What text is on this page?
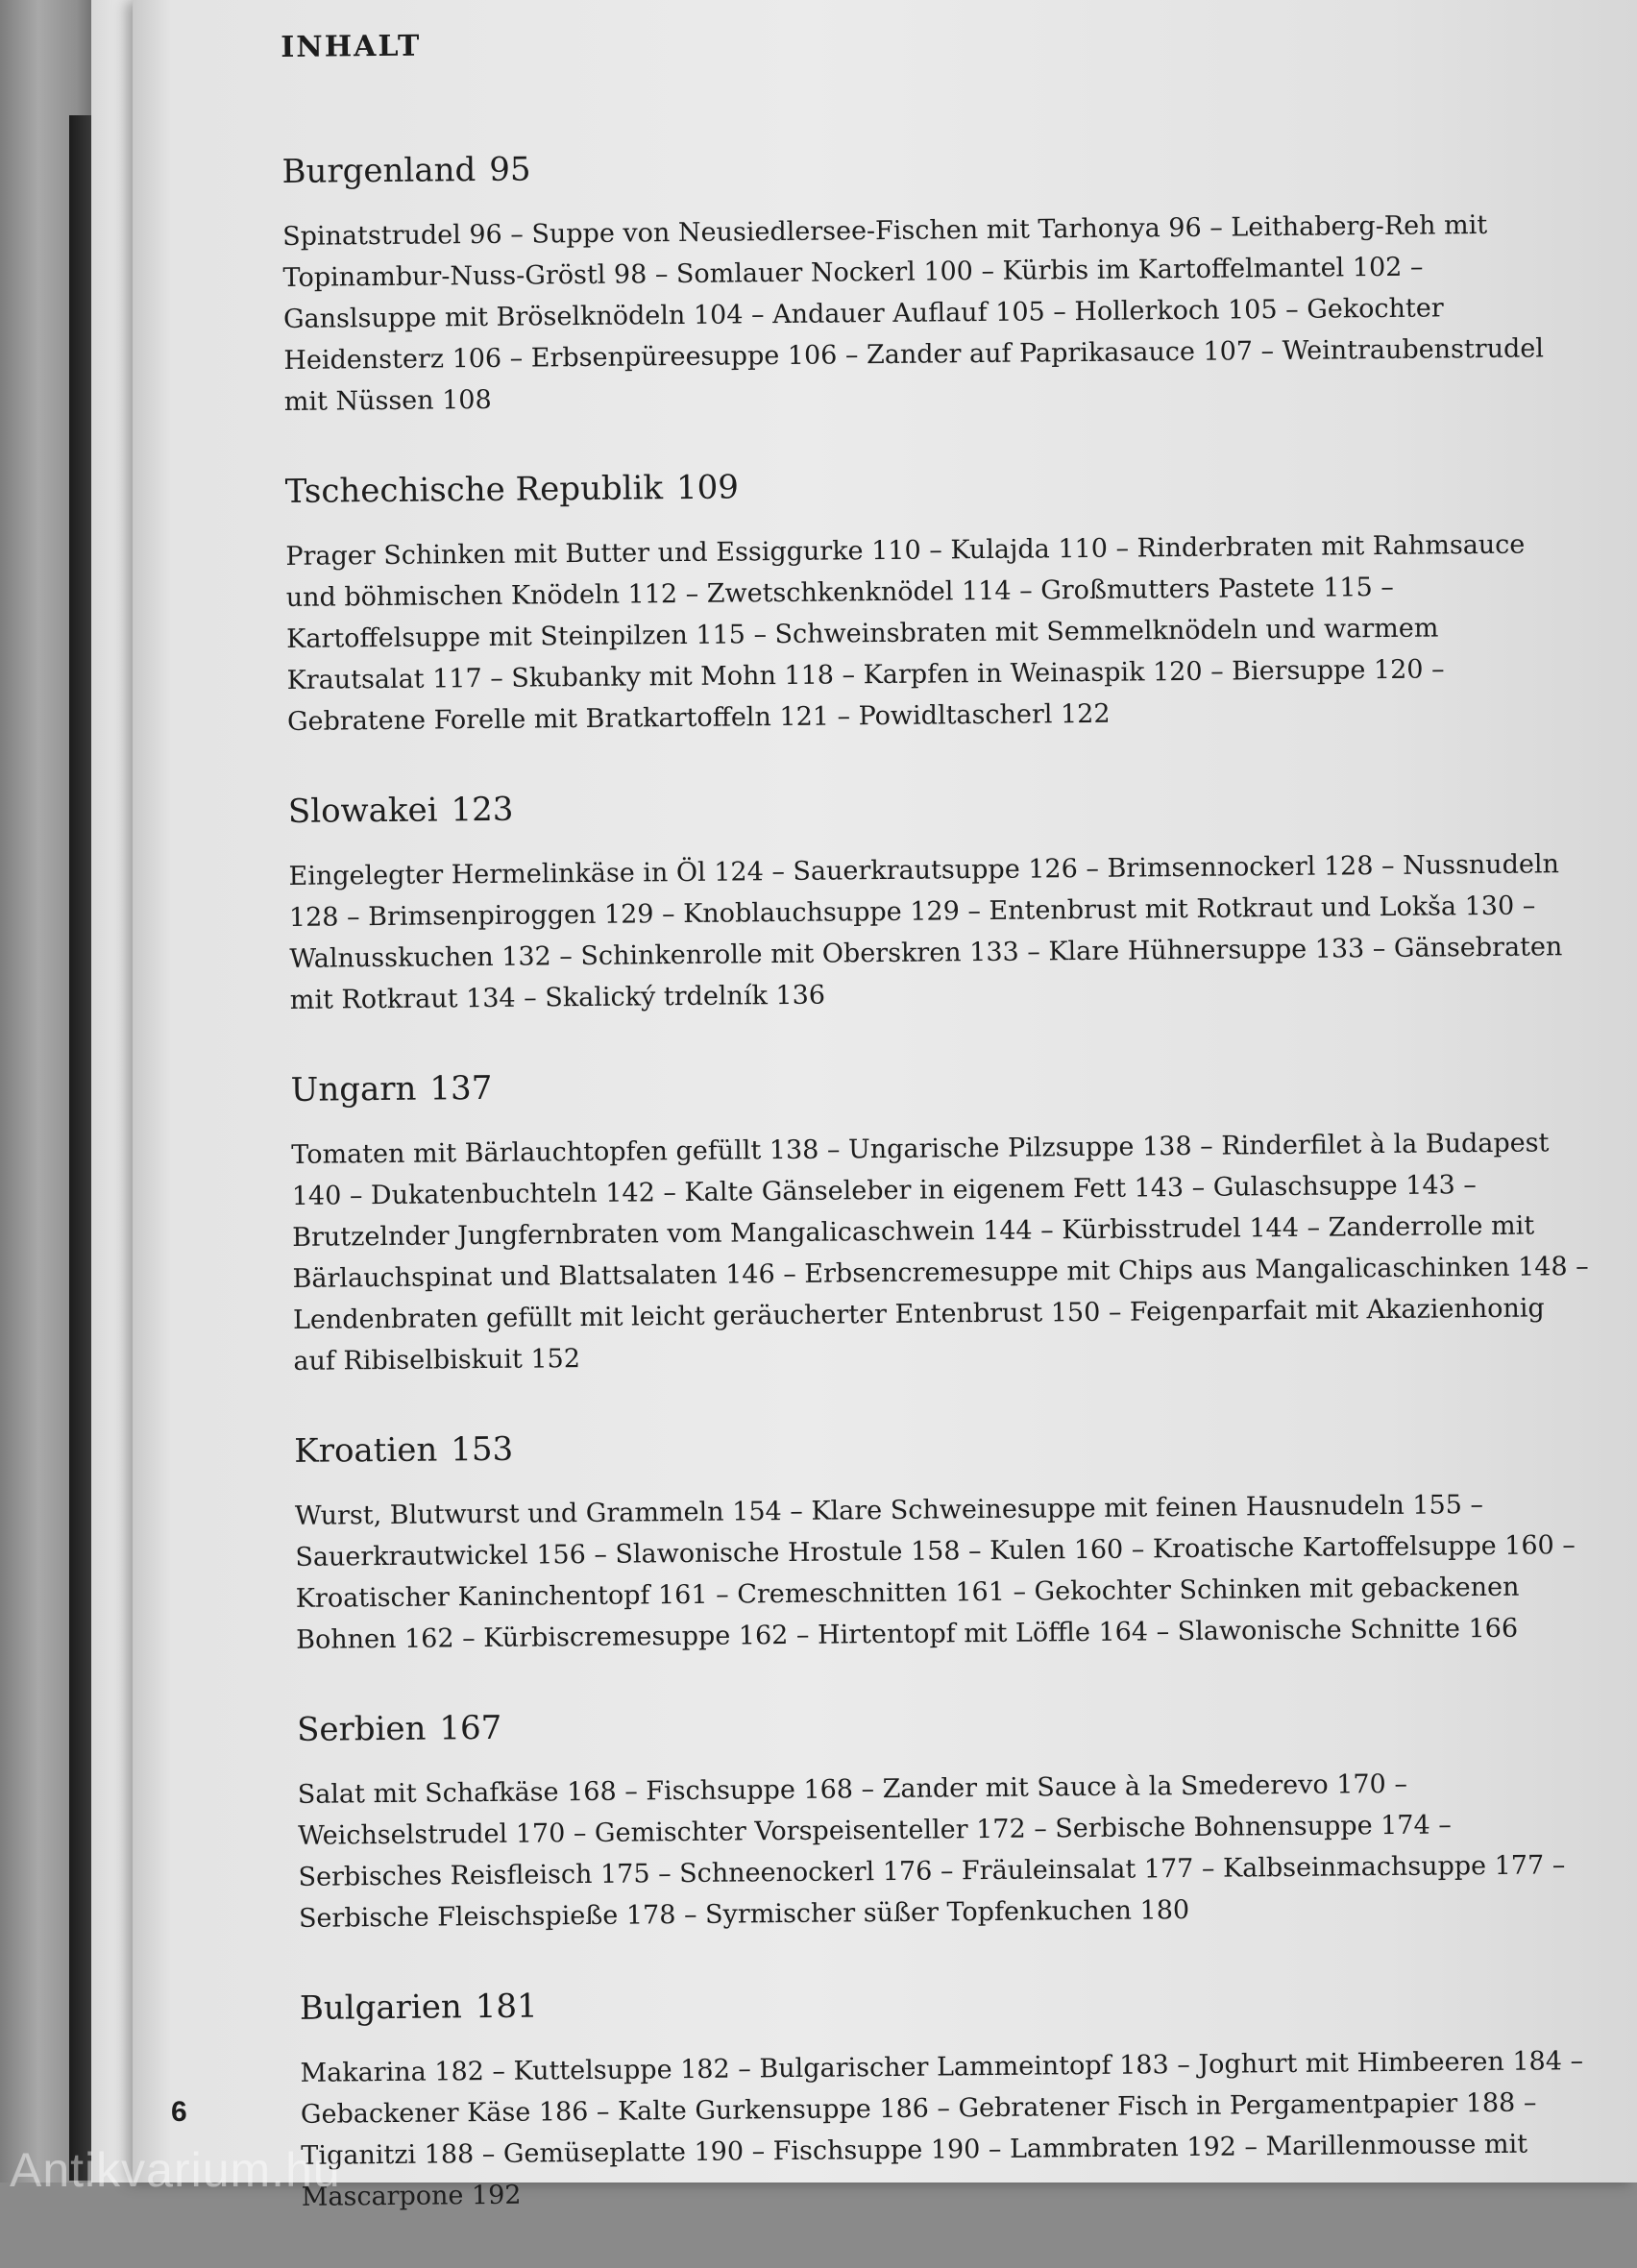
INHALT
Burgenland 95
Spinatstrudel 96 – Suppe von Neusiedlersee-Fischen mit Tarhonya 96 – Leithaberg-Reh mit Topinambur-Nuss-Gröstl 98 – Somlauer Nockerl 100 – Kürbis im Kartoffelmantel 102 – Ganslsuppe mit Bröselknödeln 104 – Andauer Auflauf 105 – Hollerkoch 105 – Gekochter Heidensterz 106 – Erbsenpüreesuppe 106 – Zander auf Paprikasauce 107 – Weintraubenstrudel mit Nüssen 108
Tschechische Republik 109
Prager Schinken mit Butter und Essiggurke 110 – Kulajda 110 – Rinderbraten mit Rahmsauce und böhmischen Knödeln 112 – Zwetschkenknödel 114 – Großmutters Pastete 115 – Kartoffelsuppe mit Steinpilzen 115 – Schweinsbraten mit Semmelknödeln und warmem Krautsalat 117 – Skubanky mit Mohn 118 – Karpfen in Weinaspik 120 – Biersuppe 120 – Gebratene Forelle mit Bratkartoffeln 121 – Powidltascherl 122
Slowakei 123
Eingelegter Hermelinkäse in Öl 124 – Sauerkrautsuppe 126 – Brimsennockerl 128 – Nussnudeln 128 – Brimsenpiroggen 129 – Knoblauchsuppe 129 – Entenbrust mit Rotkraut und Lokša 130 – Walnusskuchen 132 – Schinkenrolle mit Oberskren 133 – Klare Hühnersuppe 133 – Gänsebraten mit Rotkraut 134 – Skalický trdelník 136
Ungarn 137
Tomaten mit Bärlauchtopfen gefüllt 138 – Ungarische Pilzsuppe 138 – Rinderfilet à la Budapest 140 – Dukatenbuchteln 142 – Kalte Gänseleber in eigenem Fett 143 – Gulaschsuppe 143 – Brutzelnder Jungfernbraten vom Mangalicaschwein 144 – Kürbisstrudel 144 – Zanderrolle mit Bärlauchspinat und Blattsalaten 146 – Erbsencremesuppe mit Chips aus Mangalicaschinken 148 – Lendenbraten gefüllt mit leicht geräucherter Entenbrust 150 – Feigenparfait mit Akazienhonig auf Ribiselbiskuit 152
Kroatien 153
Wurst, Blutwurst und Grammeln 154 – Klare Schweinesuppe mit feinen Hausnudeln 155 – Sauerkrautwickel 156 – Slawonische Hrostule 158 – Kulen 160 – Kroatische Kartoffelsuppe 160 – Kroatischer Kaninchentopf 161 – Cremeschnitten 161 – Gekochter Schinken mit gebackenen Bohnen 162 – Kürbiscremesuppe 162 – Hirtentopf mit Löffle 164 – Slawonische Schnitte 166
Serbien 167
Salat mit Schafkäse 168 – Fischsuppe 168 – Zander mit Sauce à la Smederevo 170 – Weichselstrudel 170 – Gemischter Vorspeisenteller 172 – Serbische Bohnensuppe 174 – Serbisches Reisfleisch 175 – Schneenockerl 176 – Fräuleinsalat 177 – Kalbseinmachsuppe 177 – Serbische Fleischspieße 178 – Syrmischer süßer Topfenkuchen 180
Bulgarien 181
Makarina 182 – Kuttelsuppe 182 – Bulgarischer Lammeintopf 183 – Joghurt mit Himbeeren 184 – Gebackener Käse 186 – Kalte Gurkensuppe 186 – Gebratener Fisch in Pergamentpapier 188 – Tiganitzi 188 – Gemüseplatte 190 – Fischsuppe 190 – Lammbraten 192 – Marillenmousse mit Mascarpone 192
6
Antikvarium.hu
